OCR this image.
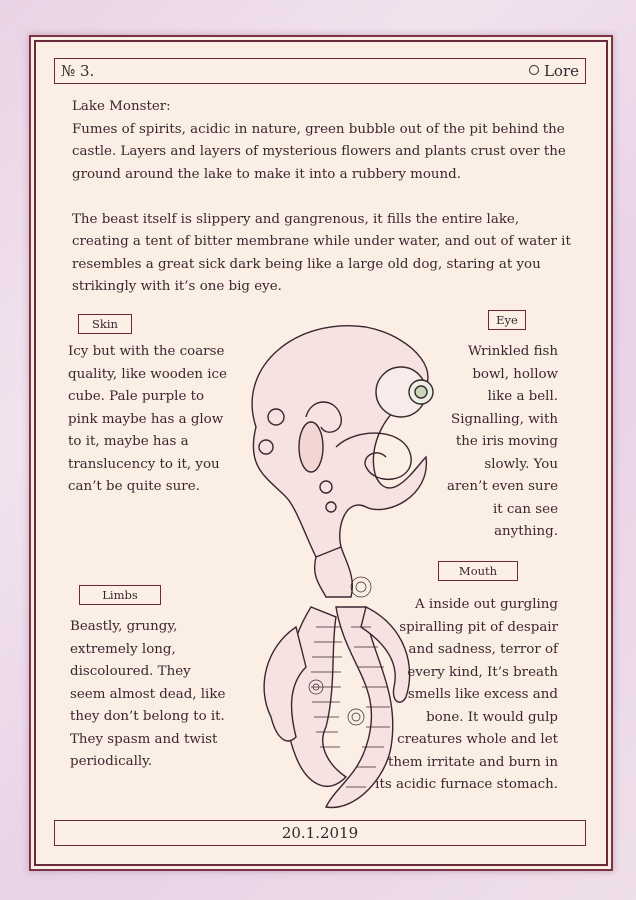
№ 3.	Lore

Lake Monster:

Fumes of spirits, acidic in nature, green bubble out of the pit behind the castle. Layers and layers of mysterious flowers and plants crust over the ground around the lake to make it into a rubbery mound.

The beast itself is slippery and gangrenous, it fills the entire lake, creating a tent of bitter membrane while under water, and out of water it resembles a great sick dark being like a large old dog, staring at you strikingly with it’s one big eye.

Skin

Icy but with the coarse quality, like wooden ice cube. Pale purple to pink maybe has a glow to it, maybe has a translucency to it, you can’t be quite sure.

Eye

Wrinkled fish bowl, hollow like a bell. Signalling, with the iris moving slowly. You aren’t even sure it can see anything.

Limbs

Beastly, grungy, extremely long, discoloured. They seem almost dead, like they don’t belong to it. They spasm and twist periodically.

Mouth

A inside out gurgling spiralling pit of despair and sadness, terror of every kind, It’s breath smells like excess and bone. It would gulp creatures whole and let them irritate and burn in its acidic furnace stomach.

20.1.2019
